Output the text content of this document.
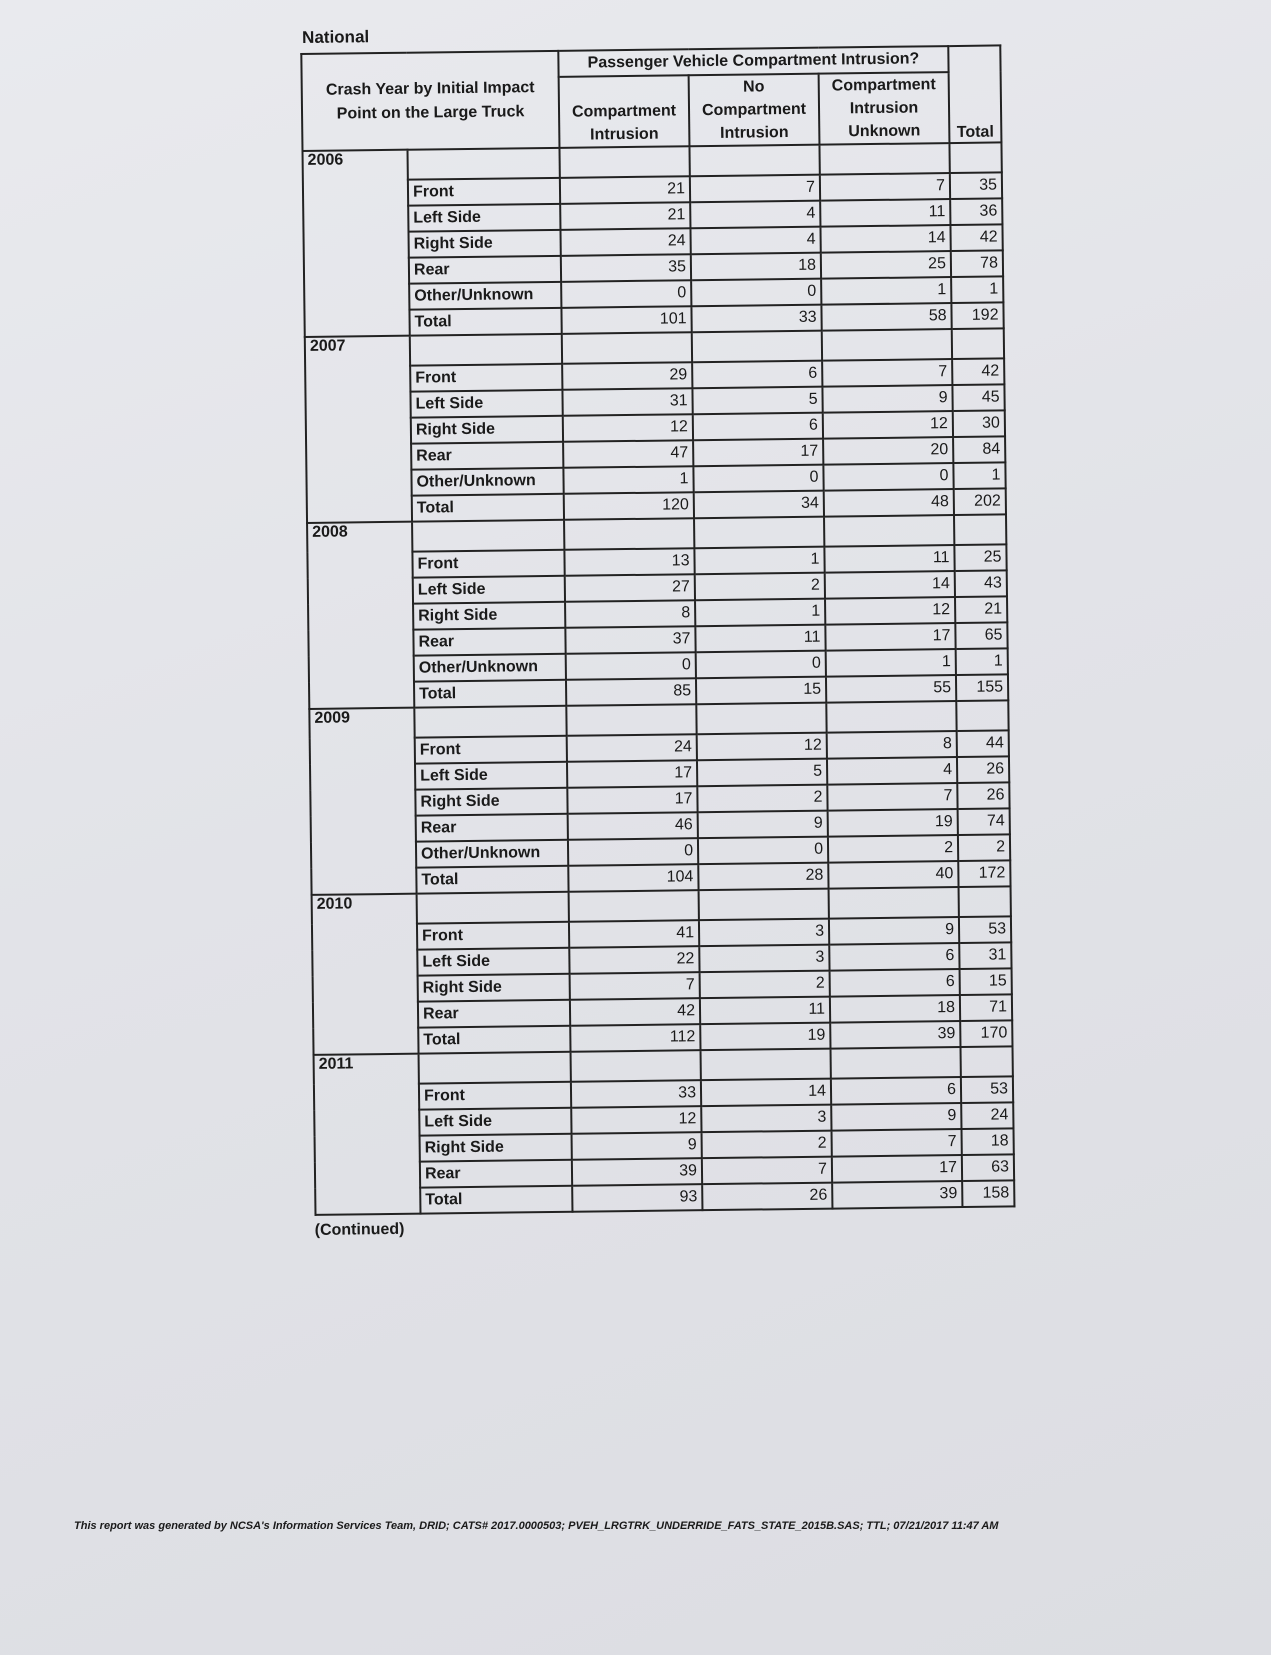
National
Crash Year by Initial Impact Point on the Large Truck		Passenger Vehicle Compartment Intrusion?			Total
		Compartment Intrusion	No Compartment Intrusion	Compartment Intrusion Unknown	
2006					
	Front	21	7	7	35
	Left Side	21	4	11	36
	Right Side	24	4	14	42
	Rear	35	18	25	78
	Other/Unknown	0	0	1	1
	Total	101	33	58	192
2007					
	Front	29	6	7	42
	Left Side	31	5	9	45
	Right Side	12	6	12	30
	Rear	47	17	20	84
	Other/Unknown	1	0	0	1
	Total	120	34	48	202
2008					
	Front	13	1	11	25
	Left Side	27	2	14	43
	Right Side	8	1	12	21
	Rear	37	11	17	65
	Other/Unknown	0	0	1	1
	Total	85	15	55	155
2009					
	Front	24	12	8	44
	Left Side	17	5	4	26
	Right Side	17	2	7	26
	Rear	46	9	19	74
	Other/Unknown	0	0	2	2
	Total	104	28	40	172
2010					
	Front	41	3	9	53
	Left Side	22	3	6	31
	Right Side	7	2	6	15
	Rear	42	11	18	71
	Total	112	19	39	170
2011					
	Front	33	14	6	53
	Left Side	12	3	9	24
	Right Side	9	2	7	18
	Rear	39	7	17	63
	Total	93	26	39	158
(Continued)
This report was generated by NCSA's Information Services Team, DRID; CATS# 2017.0000503; PVEH_LRGTRK_UNDERRIDE_FATS_STATE_2015B.SAS; TTL; 07/21/2017 11:47 AM
